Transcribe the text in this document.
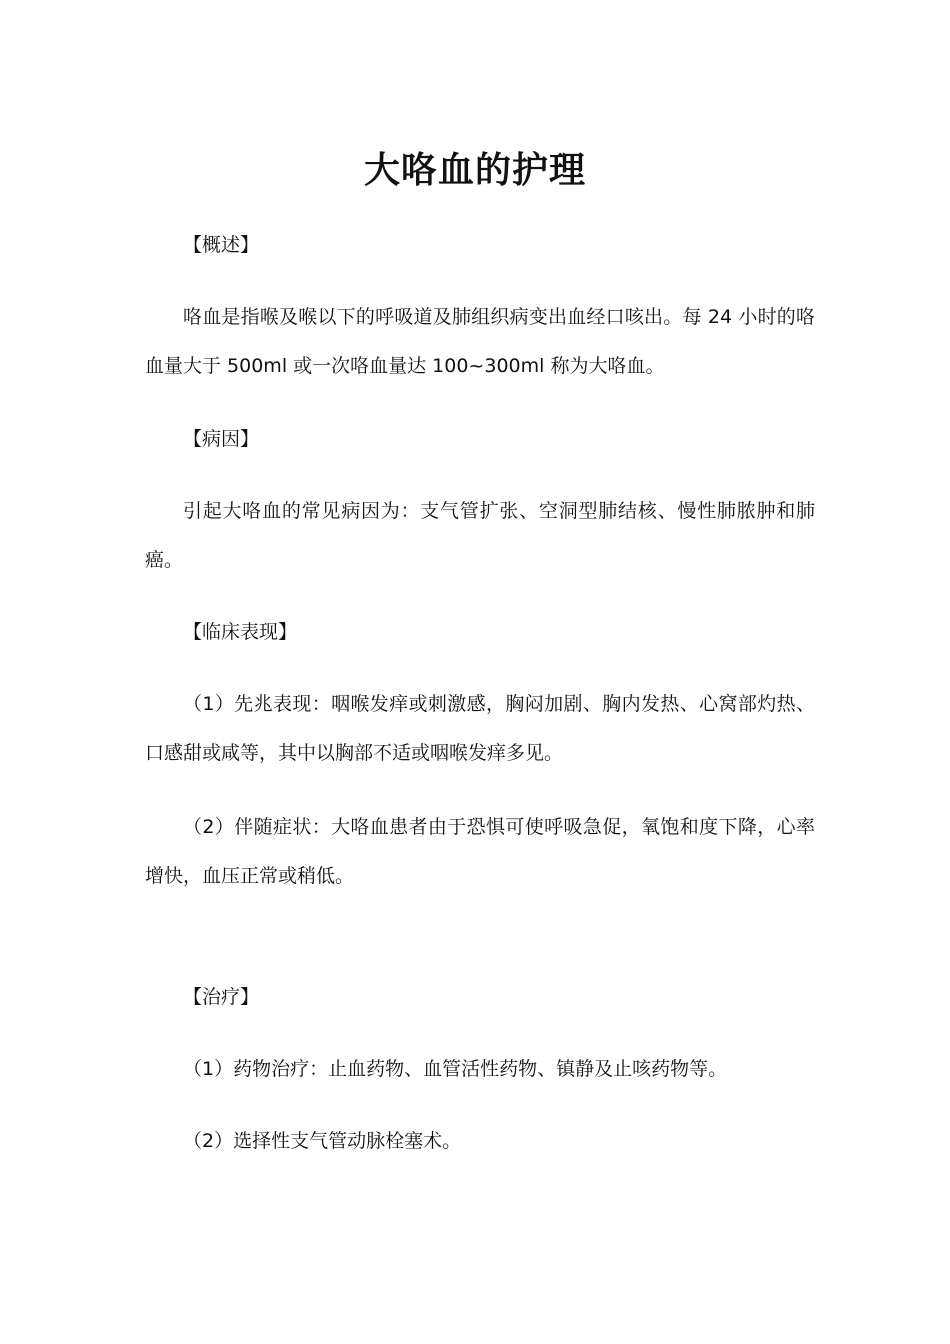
大咯血的护理

【概述】

咯血是指喉及喉以下的呼吸道及肺组织病变出血经口咳出。每 24 小时的咯血量大于 500ml 或一次咯血量达 100~300ml 称为大咯血。

【病因】

引起大咯血的常见病因为：支气管扩张、空洞型肺结核、慢性肺脓肿和肺癌。

【临床表现】

（1）先兆表现：咽喉发痒或刺激感，胸闷加剧、胸内发热、心窝部灼热、口感甜或咸等，其中以胸部不适或咽喉发痒多见。

（2）伴随症状：大咯血患者由于恐惧可使呼吸急促，氧饱和度下降，心率增快，血压正常或稍低。

【治疗】

（1）药物治疗：止血药物、血管活性药物、镇静及止咳药物等。

（2）选择性支气管动脉栓塞术。
